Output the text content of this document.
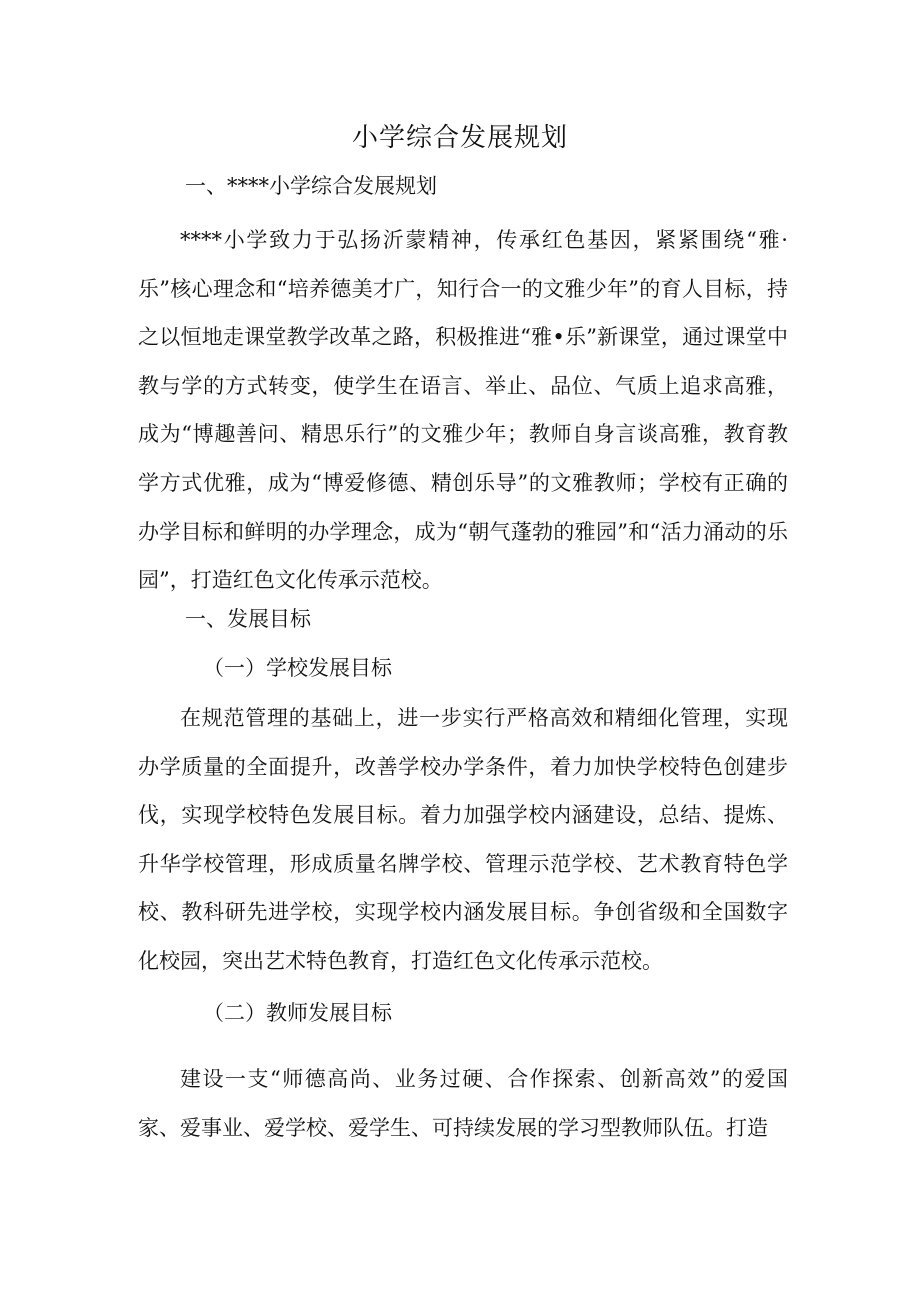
小学综合发展规划
一、****小学综合发展规划

****小学致力于弘扬沂蒙精神，传承红色基因，紧紧围绕“雅·乐”核心理念和“培养德美才广，知行合一的文雅少年”的育人目标，持之以恒地走课堂教学改革之路，积极推进“雅•乐”新课堂，通过课堂中教与学的方式转变，使学生在语言、举止、品位、气质上追求高雅，成为“博趣善问、精思乐行”的文雅少年；教师自身言谈高雅，教育教学方式优雅，成为“博爱修德、精创乐导”的文雅教师；学校有正确的办学目标和鲜明的办学理念，成为“朝气蓬勃的雅园”和“活力涌动的乐园”，打造红色文化传承示范校。

一、发展目标
（一）学校发展目标

在规范管理的基础上，进一步实行严格高效和精细化管理，实现办学质量的全面提升，改善学校办学条件，着力加快学校特色创建步伐，实现学校特色发展目标。着力加强学校内涵建设，总结、提炼、升华学校管理，形成质量名牌学校、管理示范学校、艺术教育特色学校、教科研先进学校，实现学校内涵发展目标。争创省级和全国数字化校园，突出艺术特色教育，打造红色文化传承示范校。

（二）教师发展目标

建设一支“师德高尚、业务过硬、合作探索、创新高效”的爱国家、爱事业、爱学校、爱学生、可持续发展的学习型教师队伍。打造
